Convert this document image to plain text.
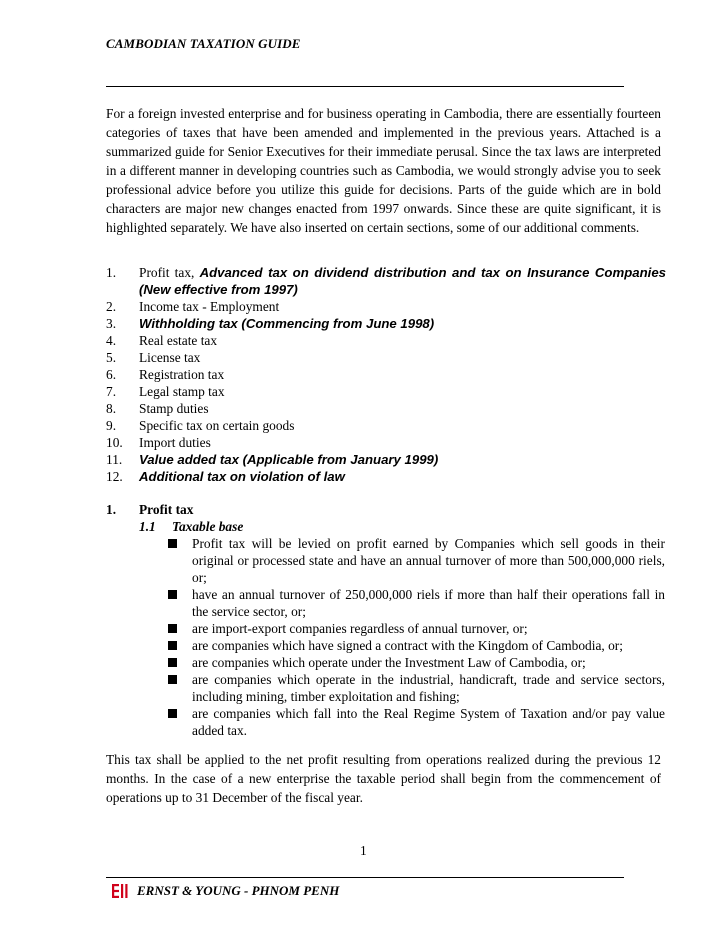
CAMBODIAN TAXATION GUIDE

For a foreign invested enterprise and for business operating in Cambodia, there are essentially fourteen categories of taxes that have been amended and implemented in the previous years. Attached is a summarized guide for Senior Executives for their immediate perusal. Since the tax laws are interpreted in a different manner in developing countries such as Cambodia, we would strongly advise you to seek professional advice before you utilize this guide for decisions. Parts of the guide which are in bold characters are major new changes enacted from 1997 onwards. Since these are quite significant, it is highlighted separately. We have also inserted on certain sections, some of our additional comments.

1.	Profit tax, Advanced tax on dividend distribution and tax on Insurance Companies (New effective from 1997)
2.	Income tax - Employment
3.	Withholding tax (Commencing from June 1998)
4.	Real estate tax
5.	License tax
6.	Registration tax
7.	Legal stamp tax
8.	Stamp duties
9.	Specific tax on certain goods
10.	Import duties
11.	Value added tax (Applicable from January 1999)
12.	Additional tax on violation of law
1.	Profit tax
1.1 Taxable base
Profit tax will be levied on profit earned by Companies which sell goods in their original or processed state and have an annual turnover of more than 500,000,000 riels, or;
have an annual turnover of 250,000,000 riels if more than half their operations fall in the service sector, or;
are import-export companies regardless of annual turnover, or;
are companies which have signed a contract with the Kingdom of Cambodia, or;
are companies which operate under the Investment Law of Cambodia, or;
are companies which operate in the industrial, handicraft, trade and service sectors, including mining, timber exploitation and fishing;
are companies which fall into the Real Regime System of Taxation and/or pay value added tax.

This tax shall be applied to the net profit resulting from operations realized during the previous 12 months. In the case of a new enterprise the taxable period shall begin from the commencement of operations up to 31 December of the fiscal year.

1
ERNST & YOUNG - PHNOM PENH
